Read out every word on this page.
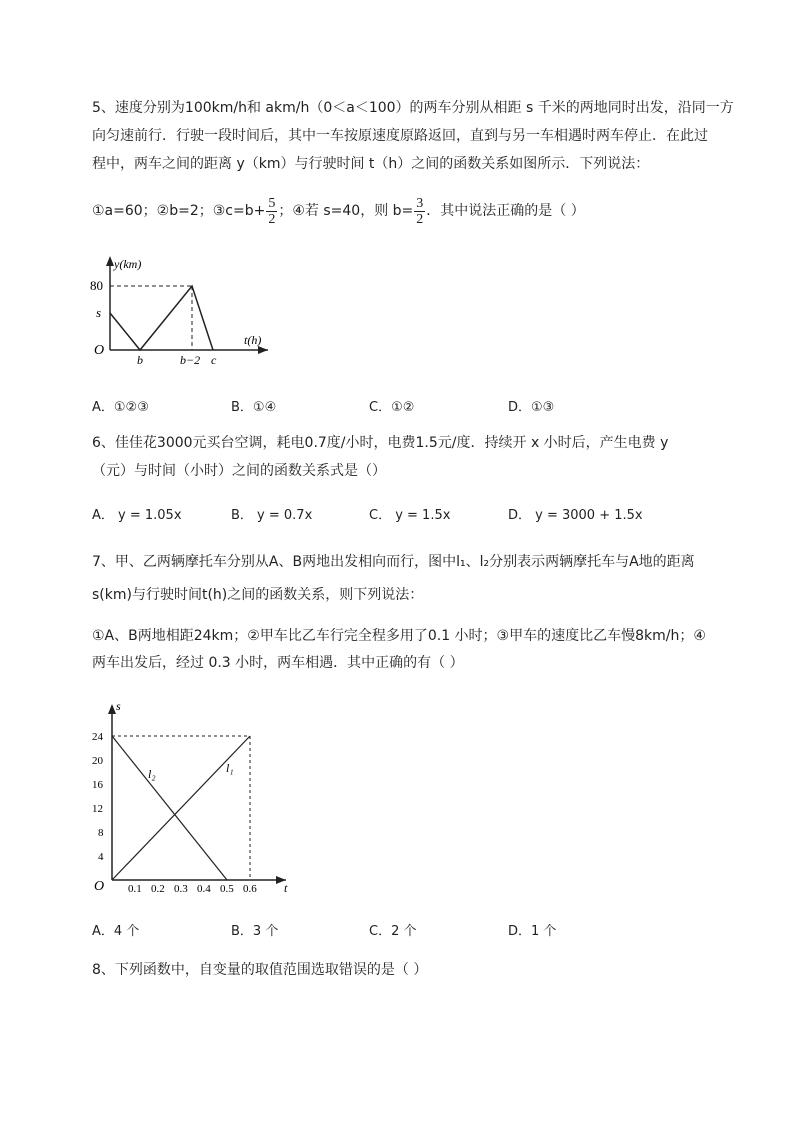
5、速度分别为100km/h和 akm/h（0＜a＜100）的两车分别从相距 s 千米的两地同时出发，沿同一方
向匀速前行．行驶一段时间后，其中一车按原速度原路返回，直到与另一车相遇时两车停止．在此过
程中，两车之间的距离 y（km）与行驶时间 t（h）之间的函数关系如图所示．下列说法：
①a=60；②b=2；③c=b+ $\frac{5}{2}$ ；④若 s=40，则 $b= \frac{3}{2}$ ．其中说法正确的是（ ）
y(km)
t(h)
80
s
O
b	b−2 c
A．①②③	B．①④	C．①②	D．①③
6、佳佳花3000元买台空调，耗电0.7度/小时，电费1.5元/度．持续开 x 小时后，产生电费 y
（元）与时间（小时）之间的函数关系式是（）
A． y = 1.05x	B． y = 0.7x	C． y = 1.5x	D． y = 3000 + 1.5x
7、甲、乙两辆摩托车分别从A、B两地出发相向而行，图中l₁、l₂分别表示两辆摩托车与A地的距离
s(km)与行驶时间t(h)之间的函数关系，则下列说法：
①A、B两地相距24km；②甲车比乙车行完全程多用了0.1 小时；③甲车的速度比乙车慢8km/h；④
两车出发后，经过 0.3 小时，两车相遇．其中正确的有（ ）
s
t
O
4
8
12
16
20
24
0.1 0.2 0.3 0.4 0.5 0.6
l₁
l₂
A．4 个	B．3 个	C．2 个	D．1 个
8、下列函数中，自变量的取值范围选取错误的是（ ）
